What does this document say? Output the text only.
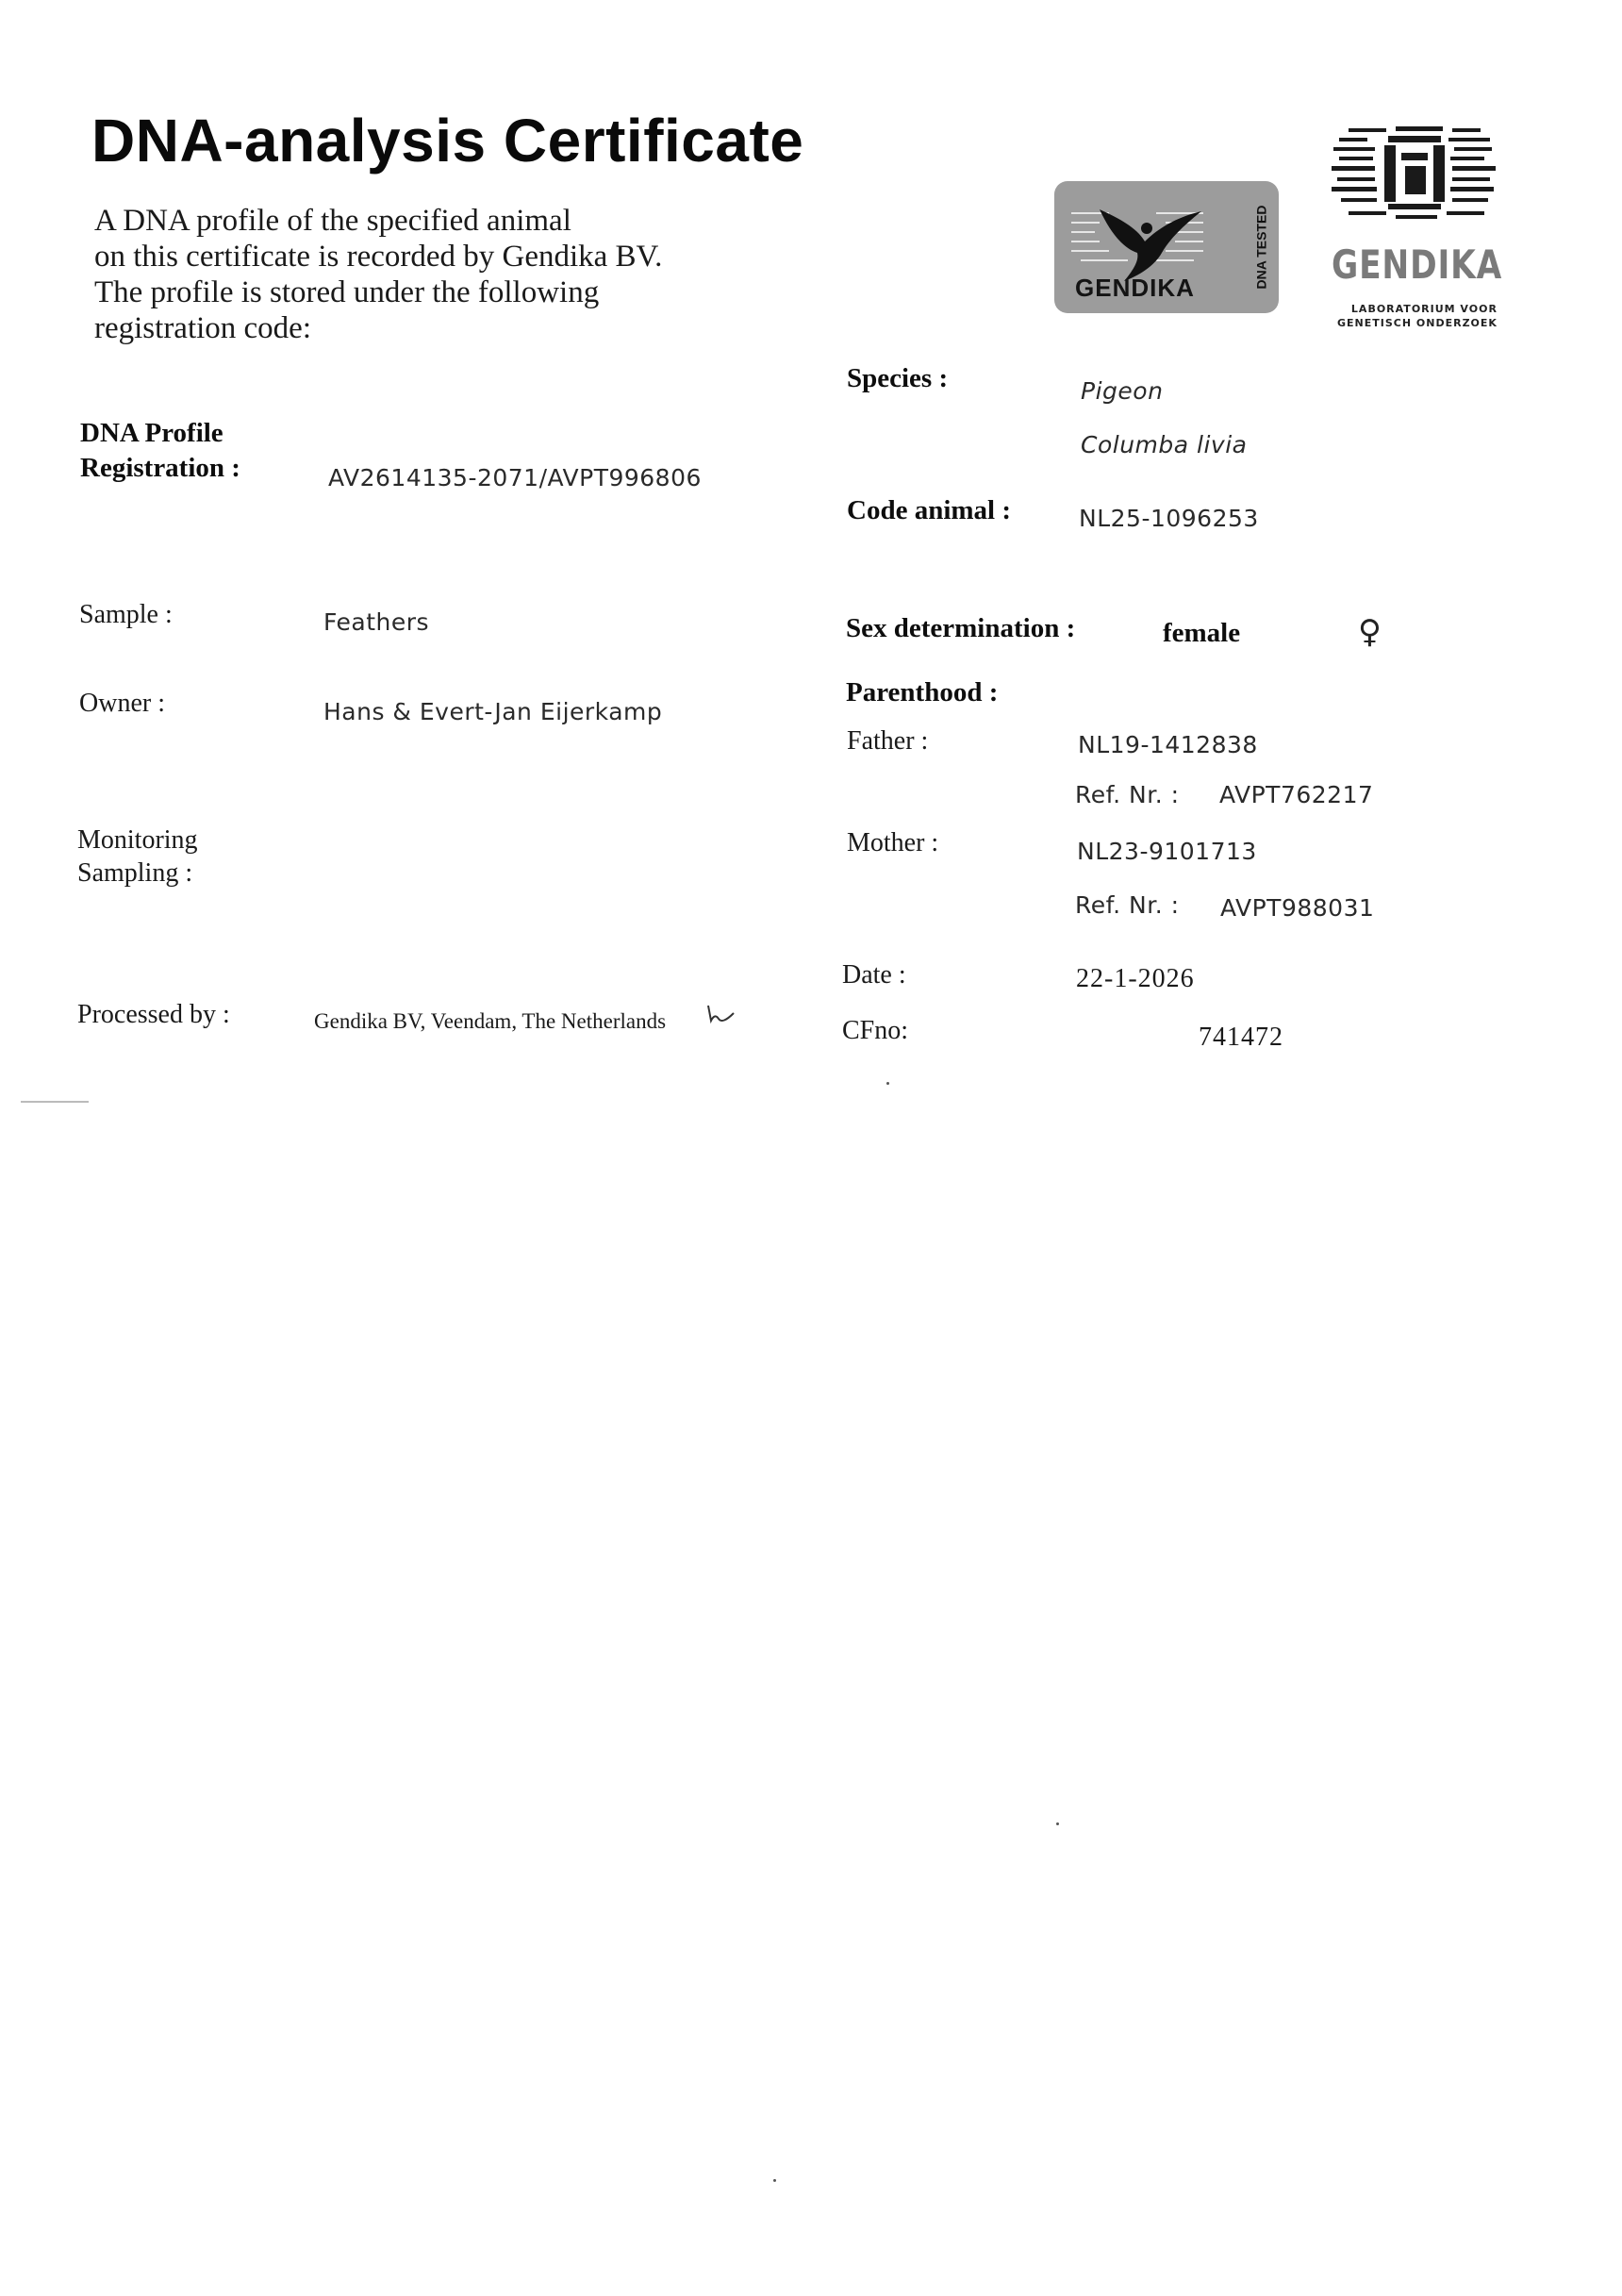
DNA-analysis Certificate
A DNA profile of the specified animal
on this certificate is recorded by Gendika BV.
The profile is stored under the following
registration code:
GENDIKA	DNA TESTED GENDIKA
LABORATORIUM VOOR
GENETISCH ONDERZOEK
DNA Profile
Registration :	AV2614135-2071/AVPT996806
Sample :	Feathers
Owner :	Hans & Evert-Jan Eijerkamp
Monitoring
Sampling :
Processed by :	Gendika BV, Veendam, The Netherlands
Species :	Pigeon
Columba livia
Code animal :	NL25-1096253
Sex determination :	female	♀
Parenthood :
Father :	NL19-1412838
Ref. Nr. : AVPT762217
Mother :	NL23-9101713
Ref. Nr. : AVPT988031
Date :	22-1-2026
CFno:	741472
